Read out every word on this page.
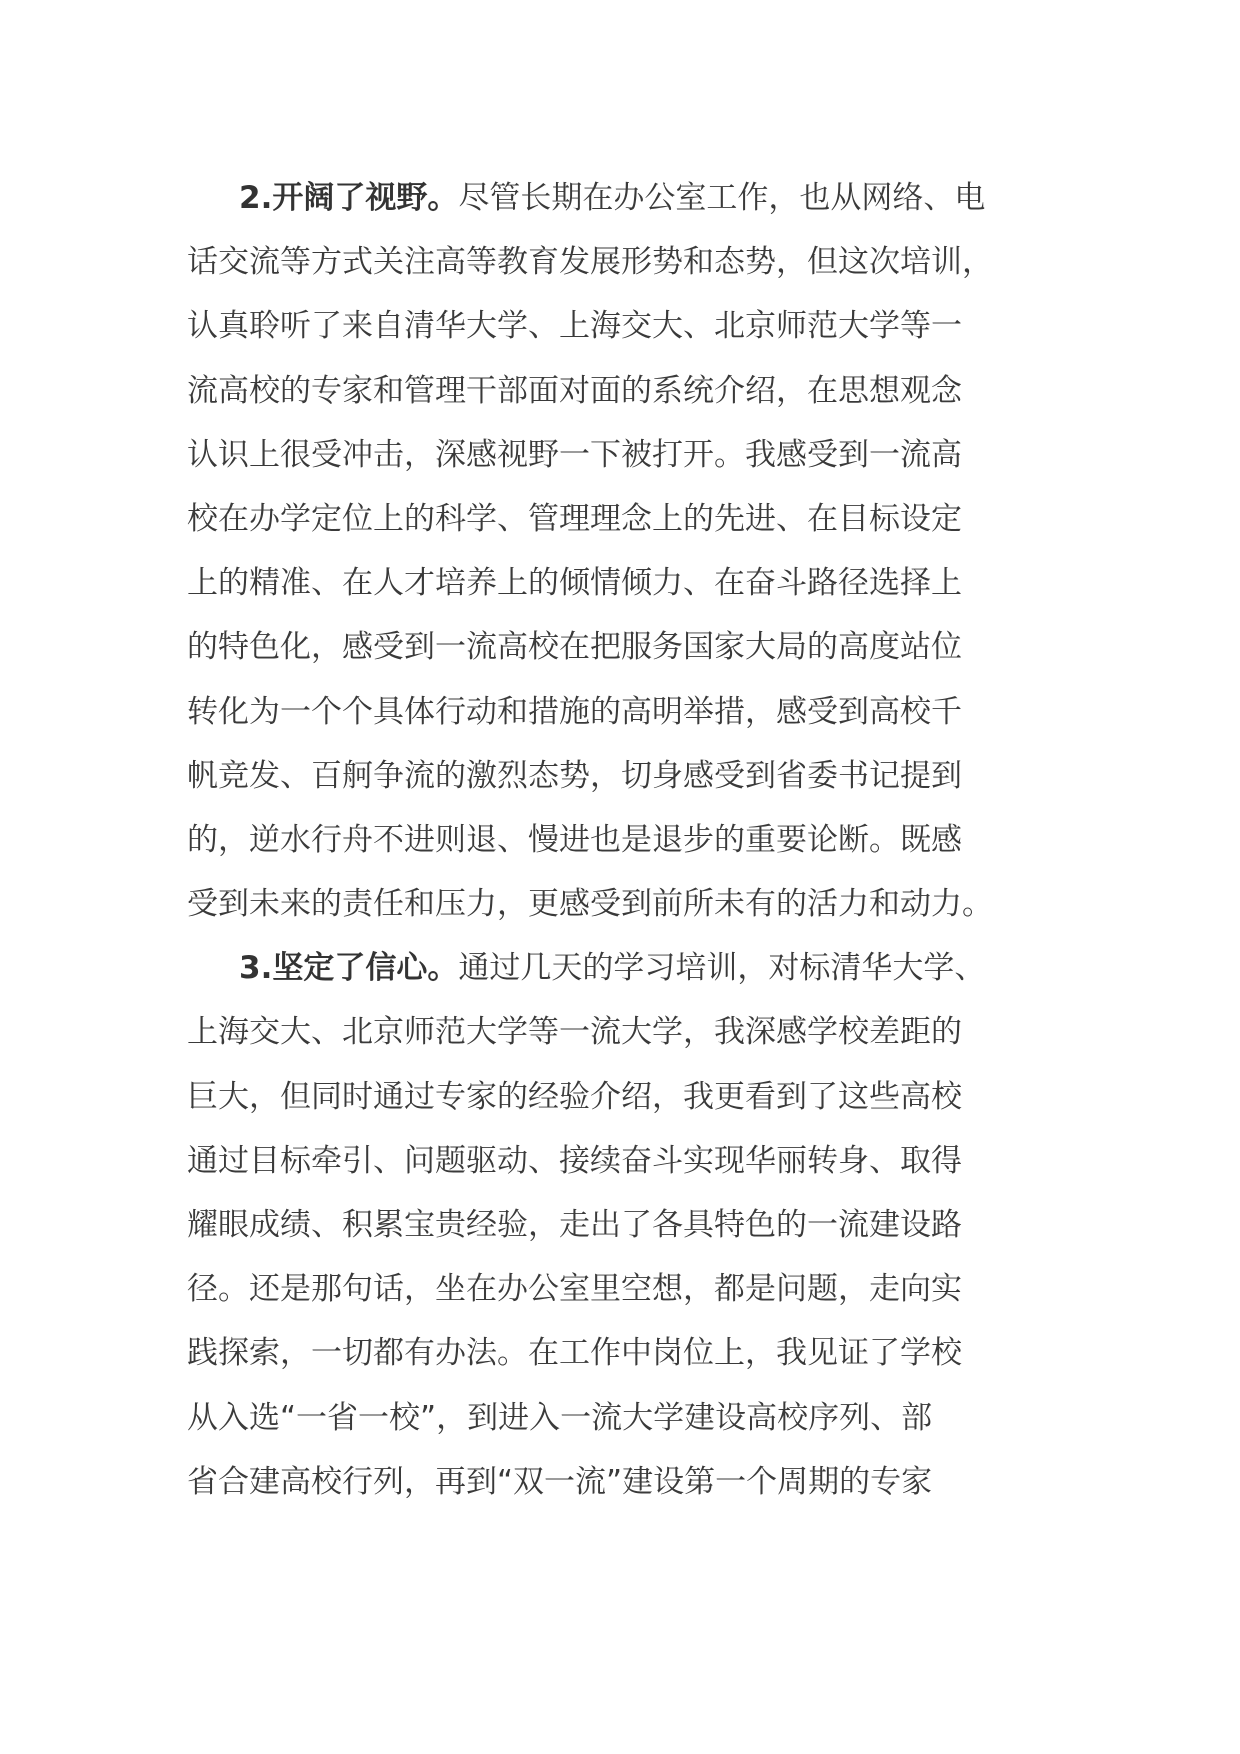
2.开阔了视野。尽管长期在办公室工作，也从网络、电
话交流等方式关注高等教育发展形势和态势，但这次培训，
认真聆听了来自清华大学、上海交大、北京师范大学等一
流高校的专家和管理干部面对面的系统介绍，在思想观念
认识上很受冲击，深感视野一下被打开。我感受到一流高
校在办学定位上的科学、管理理念上的先进、在目标设定
上的精准、在人才培养上的倾情倾力、在奋斗路径选择上
的特色化，感受到一流高校在把服务国家大局的高度站位
转化为一个个具体行动和措施的高明举措，感受到高校千
帆竞发、百舸争流的激烈态势，切身感受到省委书记提到
的，逆水行舟不进则退、慢进也是退步的重要论断。既感
受到未来的责任和压力，更感受到前所未有的活力和动力。
3.坚定了信心。通过几天的学习培训，对标清华大学、
上海交大、北京师范大学等一流大学，我深感学校差距的
巨大，但同时通过专家的经验介绍，我更看到了这些高校
通过目标牵引、问题驱动、接续奋斗实现华丽转身、取得
耀眼成绩、积累宝贵经验，走出了各具特色的一流建设路
径。还是那句话，坐在办公室里空想，都是问题，走向实
践探索，一切都有办法。在工作中岗位上，我见证了学校
从入选“一省一校”，到进入一流大学建设高校序列、部
省合建高校行列，再到“双一流”建设第一个周期的专家
